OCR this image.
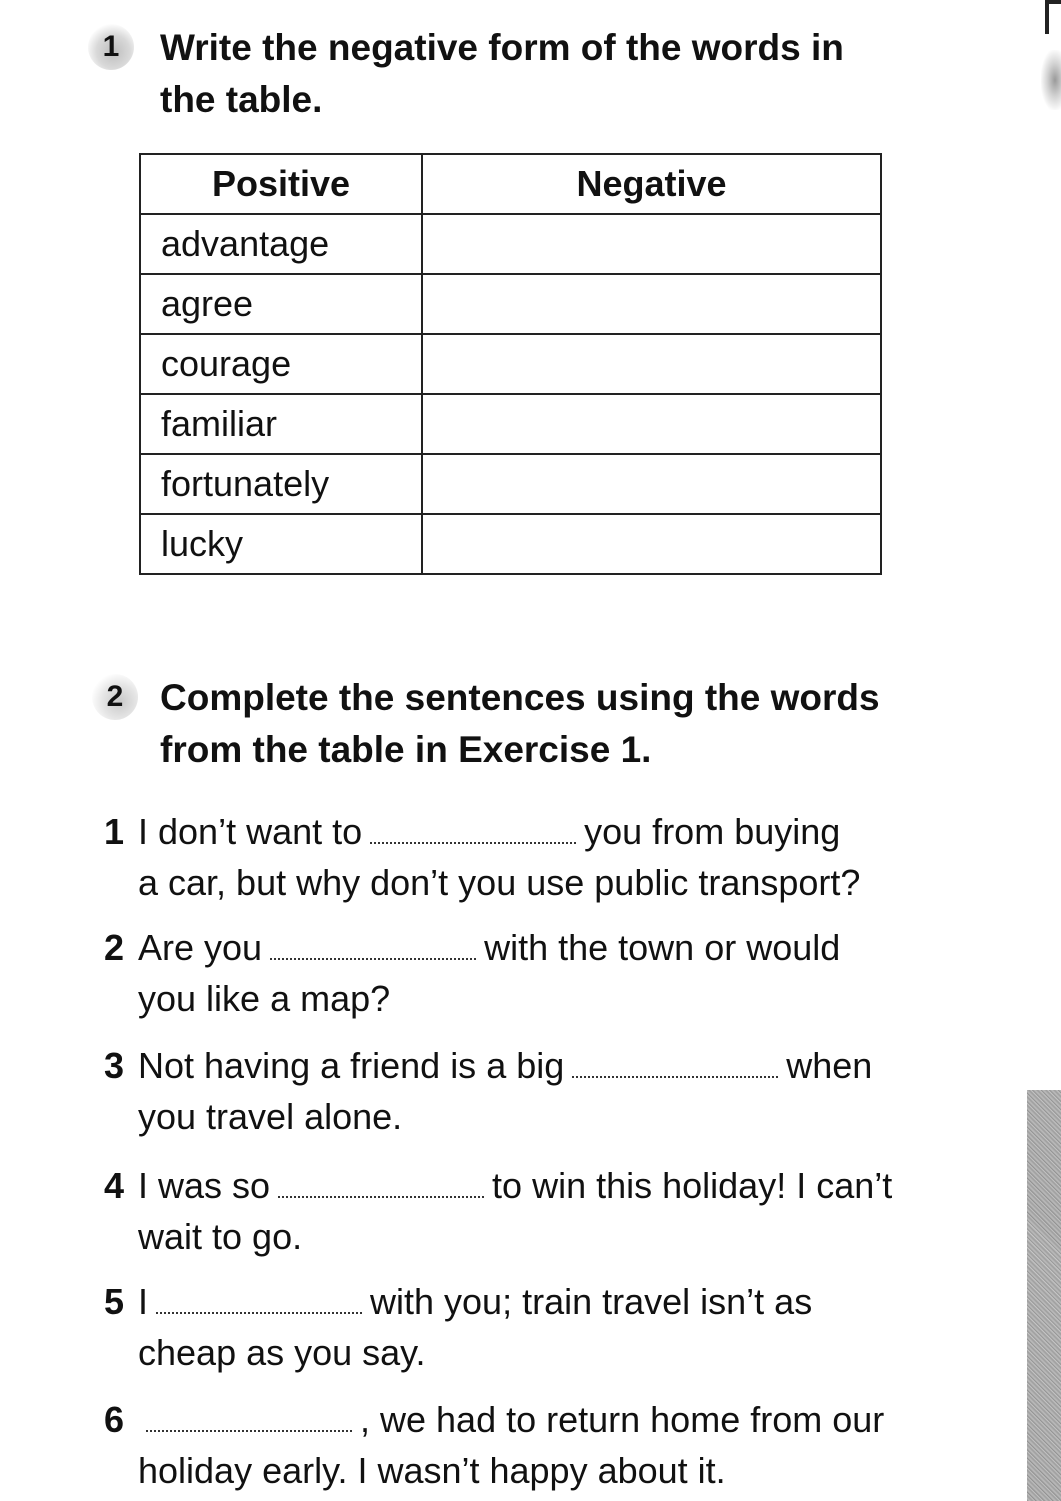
1	Write the negative form of the words in
the table.
Positive	Negative
advantage	
agree	
courage	
familiar	
fortunately	
lucky	
2 Complete the sentences using the words
from the table in Exercise 1.
1 I don’t want to	you from buying
a car, but why don’t you use public transport?
2 Are you	with the town or would
you like a map?
3 Not having a friend is a big	when
you travel alone.
4 I was so	to win this holiday! I can’t
wait to go.
5 I	with you; train travel isn’t as
cheap as you say.
6	, we had to return home from our
holiday early. I wasn’t happy about it.
